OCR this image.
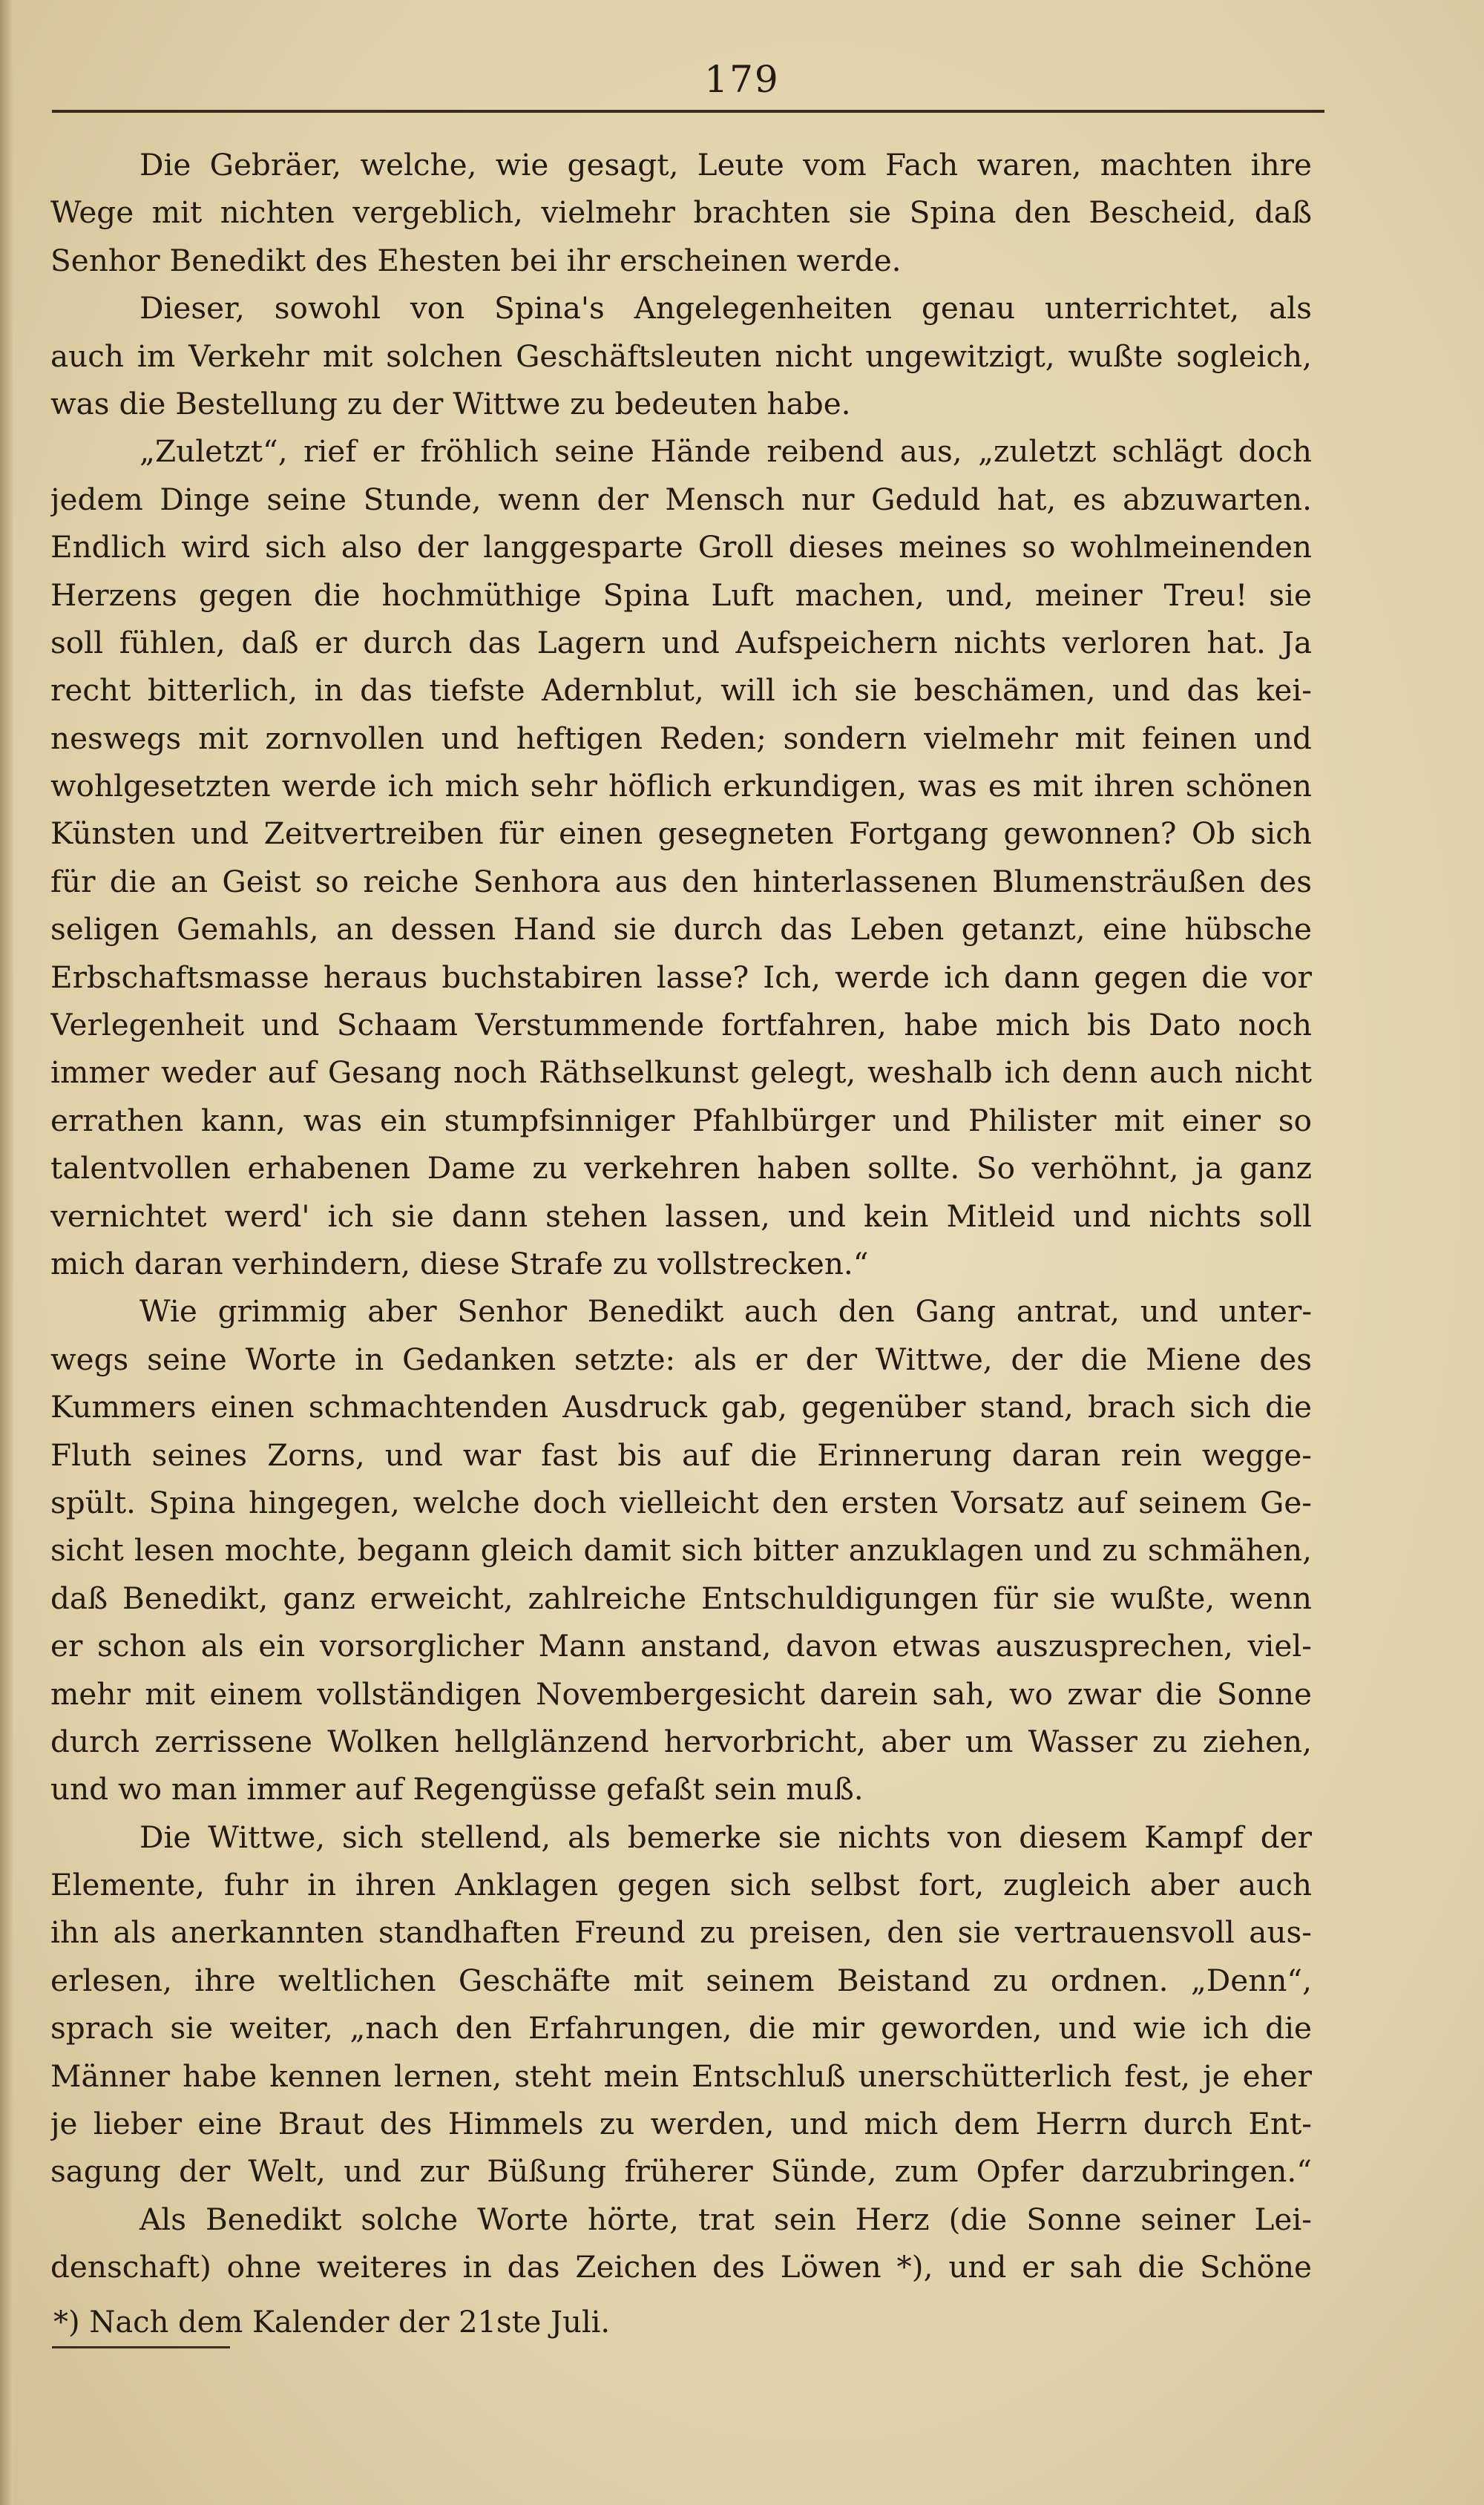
179
Die Gebräer, welche, wie gesagt, Leute vom Fach waren, machten ihre
Wege mit nichten vergeblich, vielmehr brachten sie Spina den Bescheid, daß
Senhor Benedikt des Ehesten bei ihr erscheinen werde.
Dieser, sowohl von Spina's Angelegenheiten genau unterrichtet, als
auch im Verkehr mit solchen Geschäftsleuten nicht ungewitzigt, wußte sogleich,
was die Bestellung zu der Wittwe zu bedeuten habe.
„Zuletzt“, rief er fröhlich seine Hände reibend aus, „zuletzt schlägt doch
jedem Dinge seine Stunde, wenn der Mensch nur Geduld hat, es abzuwarten.
Endlich wird sich also der langgesparte Groll dieses meines so wohlmeinenden
Herzens gegen die hochmüthige Spina Luft machen, und, meiner Treu! sie
soll fühlen, daß er durch das Lagern und Aufspeichern nichts verloren hat. Ja
recht bitterlich, in das tiefste Adernblut, will ich sie beschämen, und das kei-
neswegs mit zornvollen und heftigen Reden; sondern vielmehr mit feinen und
wohlgesetzten werde ich mich sehr höflich erkundigen, was es mit ihren schönen
Künsten und Zeitvertreiben für einen gesegneten Fortgang gewonnen? Ob sich
für die an Geist so reiche Senhora aus den hinterlassenen Blumensträußen des
seligen Gemahls, an dessen Hand sie durch das Leben getanzt, eine hübsche
Erbschaftsmasse heraus buchstabiren lasse? Ich, werde ich dann gegen die vor
Verlegenheit und Schaam Verstummende fortfahren, habe mich bis Dato noch
immer weder auf Gesang noch Räthselkunst gelegt, weshalb ich denn auch nicht
errathen kann, was ein stumpfsinniger Pfahlbürger und Philister mit einer so
talentvollen erhabenen Dame zu verkehren haben sollte. So verhöhnt, ja ganz
vernichtet werd' ich sie dann stehen lassen, und kein Mitleid und nichts soll
mich daran verhindern, diese Strafe zu vollstrecken.“
Wie grimmig aber Senhor Benedikt auch den Gang antrat, und unter-
wegs seine Worte in Gedanken setzte: als er der Wittwe, der die Miene des
Kummers einen schmachtenden Ausdruck gab, gegenüber stand, brach sich die
Fluth seines Zorns, und war fast bis auf die Erinnerung daran rein wegge-
spült. Spina hingegen, welche doch vielleicht den ersten Vorsatz auf seinem Ge-
sicht lesen mochte, begann gleich damit sich bitter anzuklagen und zu schmähen,
daß Benedikt, ganz erweicht, zahlreiche Entschuldigungen für sie wußte, wenn
er schon als ein vorsorglicher Mann anstand, davon etwas auszusprechen, viel-
mehr mit einem vollständigen Novembergesicht darein sah, wo zwar die Sonne
durch zerrissene Wolken hellglänzend hervorbricht, aber um Wasser zu ziehen,
und wo man immer auf Regengüsse gefaßt sein muß.
Die Wittwe, sich stellend, als bemerke sie nichts von diesem Kampf der
Elemente, fuhr in ihren Anklagen gegen sich selbst fort, zugleich aber auch
ihn als anerkannten standhaften Freund zu preisen, den sie vertrauensvoll aus-
erlesen, ihre weltlichen Geschäfte mit seinem Beistand zu ordnen. „Denn“,
sprach sie weiter, „nach den Erfahrungen, die mir geworden, und wie ich die
Männer habe kennen lernen, steht mein Entschluß unerschütterlich fest, je eher
je lieber eine Braut des Himmels zu werden, und mich dem Herrn durch Ent-
sagung der Welt, und zur Büßung früherer Sünde, zum Opfer darzubringen.“
Als Benedikt solche Worte hörte, trat sein Herz (die Sonne seiner Lei-
denschaft) ohne weiteres in das Zeichen des Löwen *), und er sah die Schöne
*) Nach dem Kalender der 21ste Juli.
